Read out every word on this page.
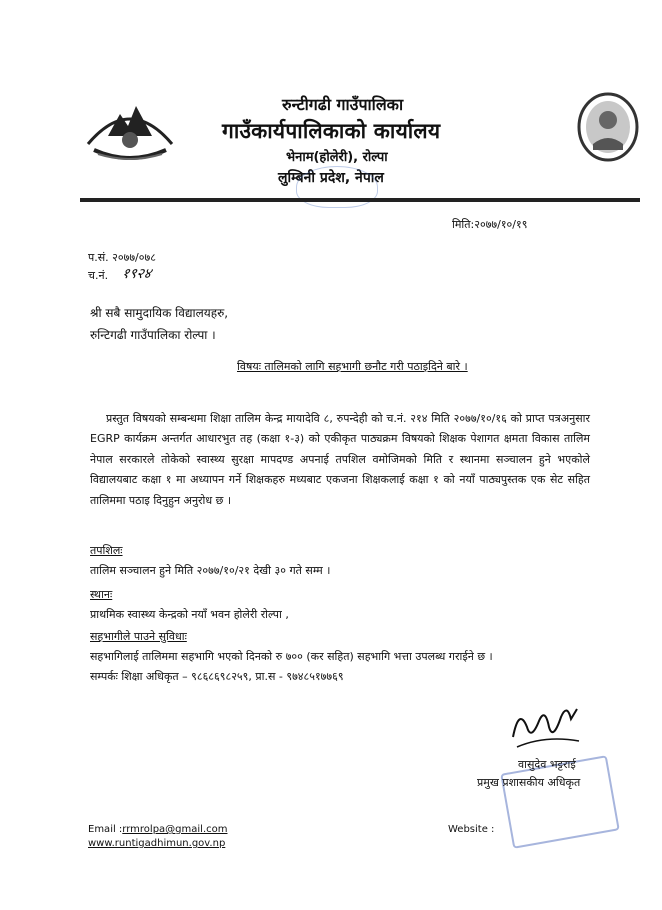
रुन्टीगढी गाउँपालिका
गाउँकार्यपालिकाको कार्यालय
भेनाम(होलेरी), रोल्पा
लुम्बिनी प्रदेश, नेपाल
मिति:२०७७/१०/१९
प.सं. २०७७/०७८
च.नं. १९२४
श्री सबै सामुदायिक विद्यालयहरु,
रुन्टिगढी गाउँपालिका रोल्पा ।
विषयः तालिमको लागि सहभागी छनौट गरी पठाइदिने बारे ।
प्रस्तुत विषयको सम्बन्धमा शिक्षा तालिम केन्द्र मायादेवि ८, रुपन्देही को च.नं. २१४ मिति २०७७/१०/१६ को प्राप्त पत्रअनुसार EGRP कार्यक्रम अन्तर्गत आधारभुत तह (कक्षा १-३) को एकीकृत पाठ्यक्रम विषयको शिक्षक पेशागत क्षमता विकास तालिम नेपाल सरकारले तोकेको स्वास्थ्य सुरक्षा मापदण्ड अपनाई तपशिल वमोजिमको मिति र स्थानमा सञ्चालन हुने भएकोले विद्यालयबाट कक्षा १ मा अध्यापन गर्ने शिक्षकहरु मध्यबाट एकजना शिक्षकलाई कक्षा १ को नयाँ पाठ्यपुस्तक एक सेट सहित तालिममा पठाइ दिनुहुन अनुरोध छ ।
तपशिलः
तालिम सञ्चालन हुने मिति २०७७/१०/२१ देखी ३० गते सम्म ।
स्थानः
प्राथमिक स्वास्थ्य केन्द्रको नयाँ भवन होलेरी रोल्पा ,
सहभागीले पाउने सुविधाः
सहभागिलाई तालिममा सहभागि भएको दिनको रु ७०० (कर सहित) सहभागि भत्ता उपलब्ध गराईने छ ।
सम्पर्कः शिक्षा अधिकृत – ९८६८६९८२५९, प्रा.स - ९७४८५१७७६९
वासुदेव भट्टराई
प्रमुख प्रशासकीय अधिकृत
Email :rrmrolpa@gmail.com
www.runtigadhimun.gov.np
Website :
